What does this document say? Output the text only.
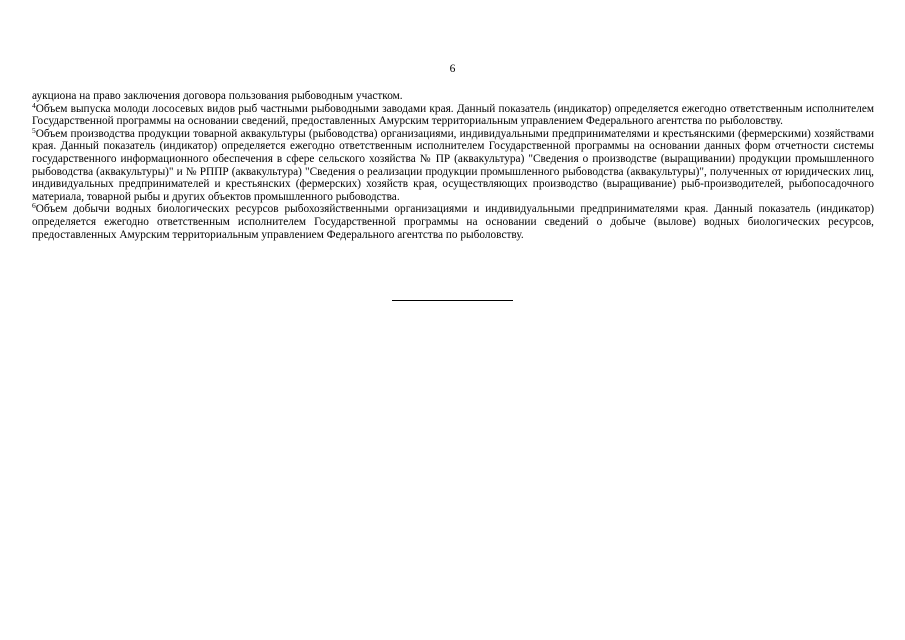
6

аукциона на право заключения договора пользования рыбоводным участком.

$^4$Объем выпуска молоди лососевых видов рыб частными рыбоводными заводами края. Данный показатель (индикатор) определяется ежегодно ответственным исполнителем Государственной программы на основании сведений, предоставленных Амурским территориальным управлением Федерального агентства по рыболовству.

$^5$Объем производства продукции товарной аквакультуры (рыбоводства) организациями, индивидуальными предпринимателями и крестьянскими (фермерскими) хозяйствами края. Данный показатель (индикатор) определяется ежегодно ответственным исполнителем Государственной программы на основании данных форм отчетности системы государственного информационного обеспечения в сфере сельского хозяйства № ПР (аквакультура) "Сведения о производстве (выращивании) продукции промышленного рыбоводства (аквакультуры)" и № РППР (аквакультура) "Сведения о реализации продукции промышленного рыбоводства (аквакультуры)", полученных от юридических лиц, индивидуальных предпринимателей и крестьянских (фермерских) хозяйств края, осуществляющих производство (выращивание) рыб-производителей, рыбопосадочного материала, товарной рыбы и других объектов промышленного рыбоводства.

$^6$Объем добычи водных биологических ресурсов рыбохозяйственными организациями и индивидуальными предпринимателями края. Данный показатель (индикатор) определяется ежегодно ответственным исполнителем Государственной программы на основании сведений о добыче (вылове) водных биологических ресурсов, предоставленных Амурским территориальным управлением Федерального агентства по рыболовству.
